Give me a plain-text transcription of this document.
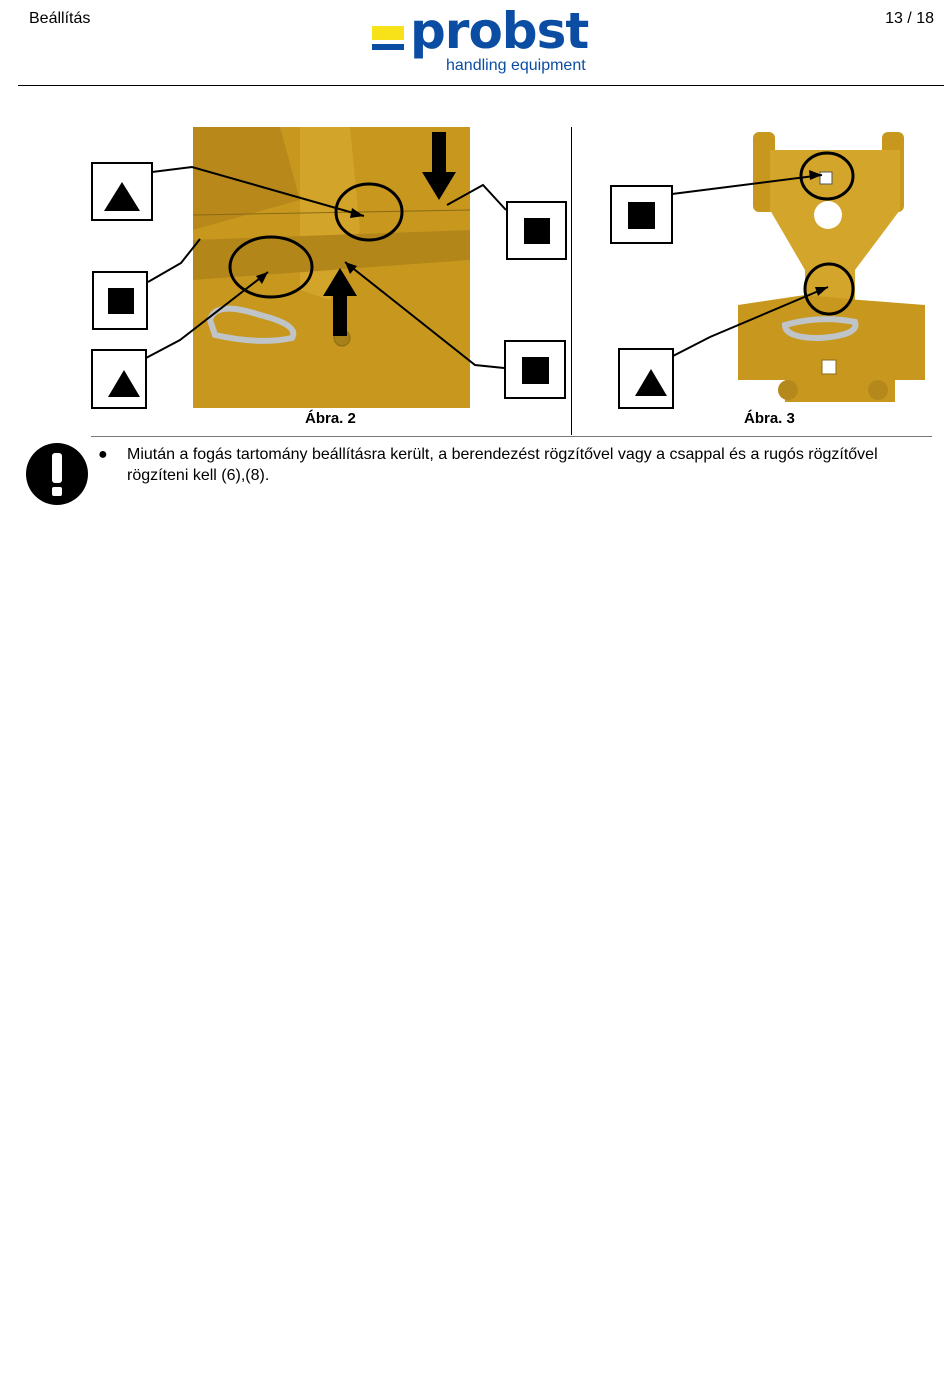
Beállítás	13 / 18
probst
handling equipment
Ábra. 2	Ábra. 3
● Miután a fogás tartomány beállításra került, a berendezést rögzítővel vagy a csappal és a rugós rögzítővel rögzíteni kell (6),(8).
